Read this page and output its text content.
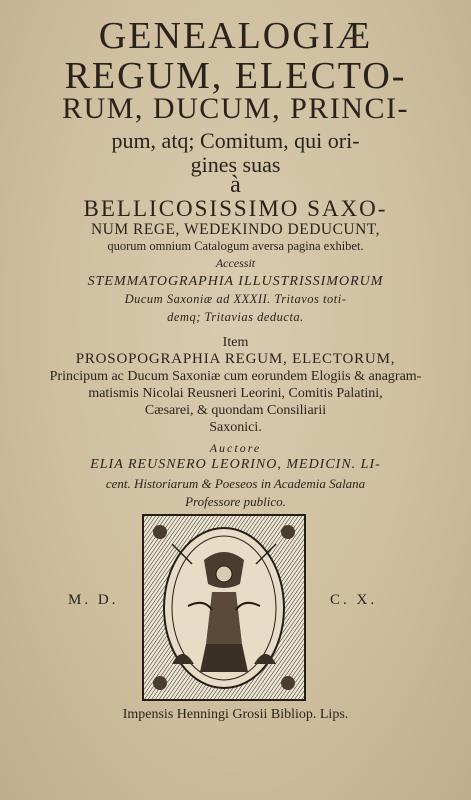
GENEALOGIÆ
REGUM, ELECTO-
RUM, DUCUM, PRINCI-
pum, atq; Comitum, qui ori-
gines suas
à
BELLICOSISSIMO SAXO-
NUM REGE, WEDEKINDO DEDUCUNT,
quorum omnium Catalogum aversa pagina exhibet.
Accessit
STEMMATOGRAPHIA ILLUSTRISSIMORUM
Ducum Saxoniæ ad XXXII. Tritavos toti-
demq; Tritavias deducta.
Item
PROSOPOGRAPHIA REGUM, ELECTORUM,
Principum ac Ducum Saxoniæ cum eorundem Elogiis & anagram-
matismis Nicolai Reusneri Leorini, Comitis Palatini,
Cæsarei, & quondam Consiliarii
Saxonici.
Auctore
ELIA REUSNERO LEORINO, MEDICIN. LI-
cent. Historiarum & Poeseos in Academia Salana
Professore publico.
M. D.	C. X.
Impensis Henningi Grosii Bibliop. Lips.
